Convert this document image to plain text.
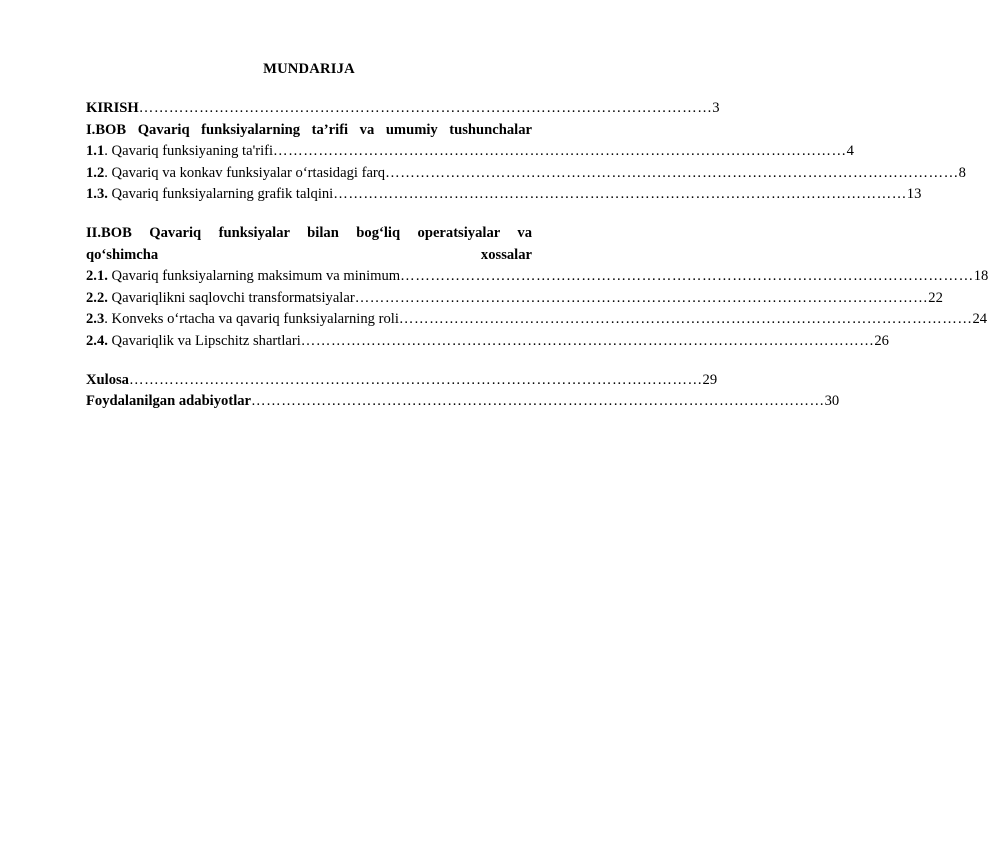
MUNDARIJA
KIRISH …………………………………………………………………………………………………… 3
I.BOB Qavariq funksiyalarning ta’rifi va umumiy tushunchalar
1.1. Qavariq funksiyaning ta'rifi …………………………………………………………………………………………………… 4
1.2. Qavariq va konkav funksiyalar o‘rtasidagi farq …………………………………………………………………………………………………… 8
1.3. Qavariq funksiyalarning grafik talqini …………………………………………………………………………………………………… 13
II.BOB Qavariq funksiyalar bilan bog‘liq operatsiyalar va
qo‘shimcha	xossalar
2.1. Qavariq funksiyalarning maksimum va minimum …………………………………………………………………………………………………… 18
2.2. Qavariqlikni saqlovchi transformatsiyalar …………………………………………………………………………………………………… 22
2.3. Konveks o‘rtacha va qavariq funksiyalarning roli …………………………………………………………………………………………………… 24
2.4. Qavariqlik va Lipschitz shartlari …………………………………………………………………………………………………… 26
Xulosa …………………………………………………………………………………………………… 29
Foydalanilgan adabiyotlar …………………………………………………………………………………………………… 30
